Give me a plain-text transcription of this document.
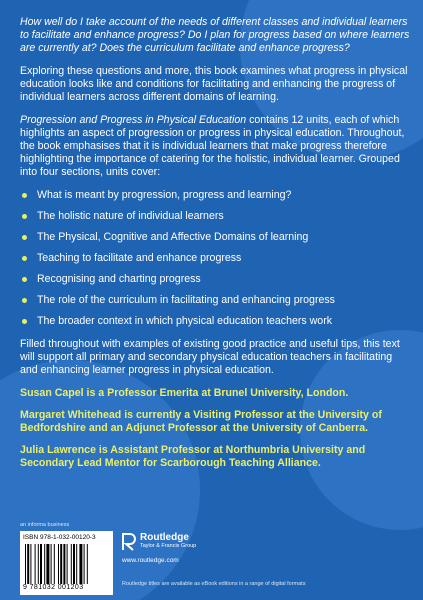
How well do I take account of the needs of different classes and individual learners to facilitate and enhance progress? Do I plan for progress based on where learners are currently at? Does the curriculum facilitate and enhance progress?

Exploring these questions and more, this book examines what progress in physical education looks like and conditions for facilitating and enhancing the progress of individual learners across different domains of learning.

Progression and Progress in Physical Education contains 12 units, each of which highlights an aspect of progression or progress in physical education. Throughout, the book emphasises that it is individual learners that make progress therefore highlighting the importance of catering for the holistic, individual learner. Grouped into four sections, units cover:

What is meant by progression, progress and learning?
The holistic nature of individual learners
The Physical, Cognitive and Affective Domains of learning
Teaching to facilitate and enhance progress
Recognising and charting progress
The role of the curriculum in facilitating and enhancing progress
The broader context in which physical education teachers work

Filled throughout with examples of existing good practice and useful tips, this text will support all primary and secondary physical education teachers in facilitating and enhancing learner progress in physical education.

Susan Capel is a Professor Emerita at Brunel University, London.

Margaret Whitehead is currently a Visiting Professor at the University of Bedfordshire and an Adjunct Professor at the University of Canberra.

Julia Lawrence is Assistant Professor at Northumbria University and Secondary Lead Mentor for Scarborough Teaching Alliance.

an informa business
ISBN 978-1-032-00120-3
9 781032 001203
Routledge
Taylor & Francis Group
www.routledge.com
Routledge titles are available as eBook editions in a range of digital formats
